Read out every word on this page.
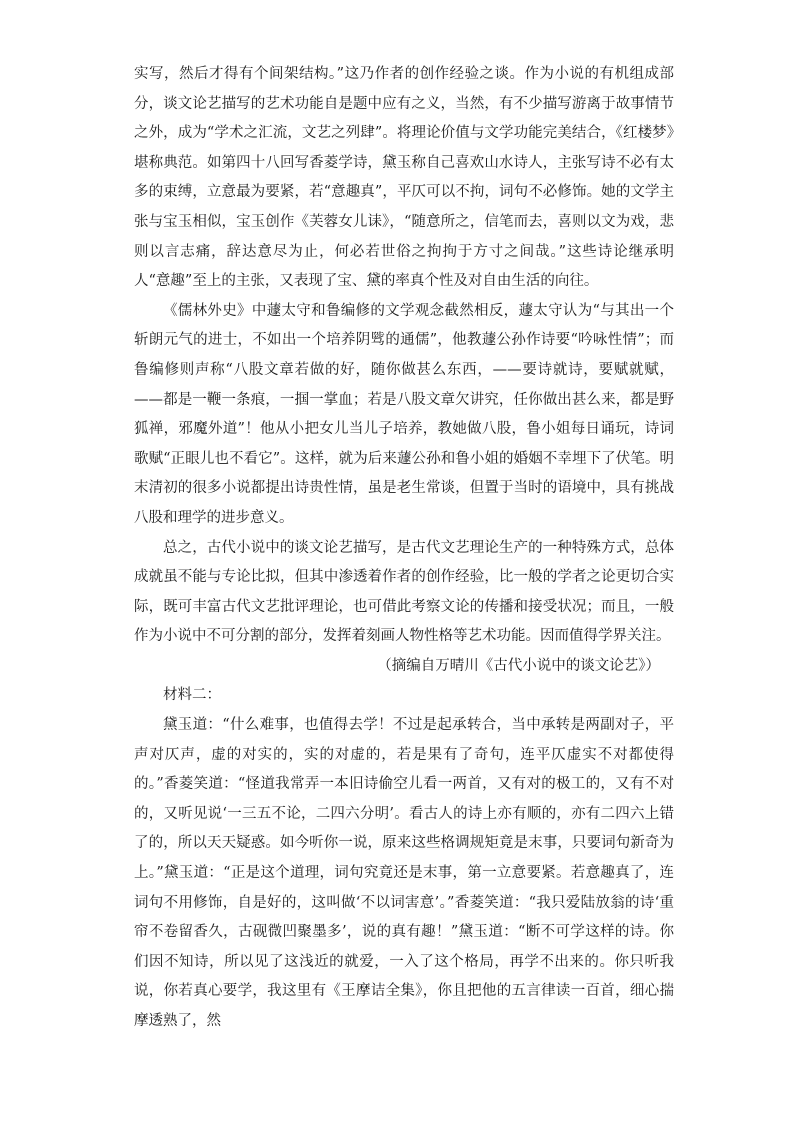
实写，然后才得有个间架结构。”这乃作者的创作经验之谈。作为小说的有机组成部分，谈文论艺描写的艺术功能自是题中应有之义，当然，有不少描写游离于故事情节之外，成为“学术之汇流，文艺之列肆”。将理论价值与文学功能完美结合，《红楼梦》堪称典范。如第四十八回写香菱学诗，黛玉称自己喜欢山水诗人，主张写诗不必有太多的束缚，立意最为要紧，若“意趣真”，平仄可以不拘，词句不必修饰。她的文学主张与宝玉相似，宝玉创作《芙蓉女儿诔》，“随意所之，信笔而去，喜则以文为戏，悲则以言志痛，辞达意尽为止，何必若世俗之拘拘于方寸之间哉。”这些诗论继承明人“意趣”至上的主张，又表现了宝、黛的率真个性及对自由生活的向往。

《儒林外史》中蘧太守和鲁编修的文学观念截然相反，蘧太守认为“与其出一个斩朗元气的进士，不如出一个培养阴骘的通儒”，他教蘧公孙作诗要“吟咏性情”；而鲁编修则声称“八股文章若做的好，随你做甚么东西，——要诗就诗，要赋就赋，——都是一鞭一条痕，一掴一掌血；若是八股文章欠讲究，任你做出甚么来，都是野狐禅，邪魔外道”！他从小把女儿当儿子培养，教她做八股，鲁小姐每日诵玩，诗词歌赋“正眼儿也不看它”。这样，就为后来蘧公孙和鲁小姐的婚姻不幸埋下了伏笔。明末清初的很多小说都提出诗贵性情，虽是老生常谈，但置于当时的语境中，具有挑战八股和理学的进步意义。

总之，古代小说中的谈文论艺描写，是古代文艺理论生产的一种特殊方式，总体成就虽不能与专论比拟，但其中渗透着作者的创作经验，比一般的学者之论更切合实际，既可丰富古代文艺批评理论，也可借此考察文论的传播和接受状况；而且，一般作为小说中不可分割的部分，发挥着刻画人物性格等艺术功能。因而值得学界关注。

（摘编自万晴川《古代小说中的谈文论艺》）

材料二：

黛玉道：“什么难事，也值得去学！不过是起承转合，当中承转是两副对子，平声对仄声，虚的对实的，实的对虚的，若是果有了奇句，连平仄虚实不对都使得的。”香菱笑道：“怪道我常弄一本旧诗偷空儿看一两首，又有对的极工的，又有不对的，又听见说‘一三五不论，二四六分明’。看古人的诗上亦有顺的，亦有二四六上错了的，所以天天疑惑。如今听你一说，原来这些格调规矩竟是末事，只要词句新奇为上。”黛玉道：“正是这个道理，词句究竟还是末事，第一立意要紧。若意趣真了，连词句不用修饰，自是好的，这叫做‘不以词害意’。”香菱笑道：“我只爱陆放翁的诗‘重帘不卷留香久，古砚微凹聚墨多’，说的真有趣！”黛玉道：“断不可学这样的诗。你们因不知诗，所以见了这浅近的就爱，一入了这个格局，再学不出来的。你只听我说，你若真心要学，我这里有《王摩诘全集》，你且把他的五言律读一百首，细心揣摩透熟了，然
